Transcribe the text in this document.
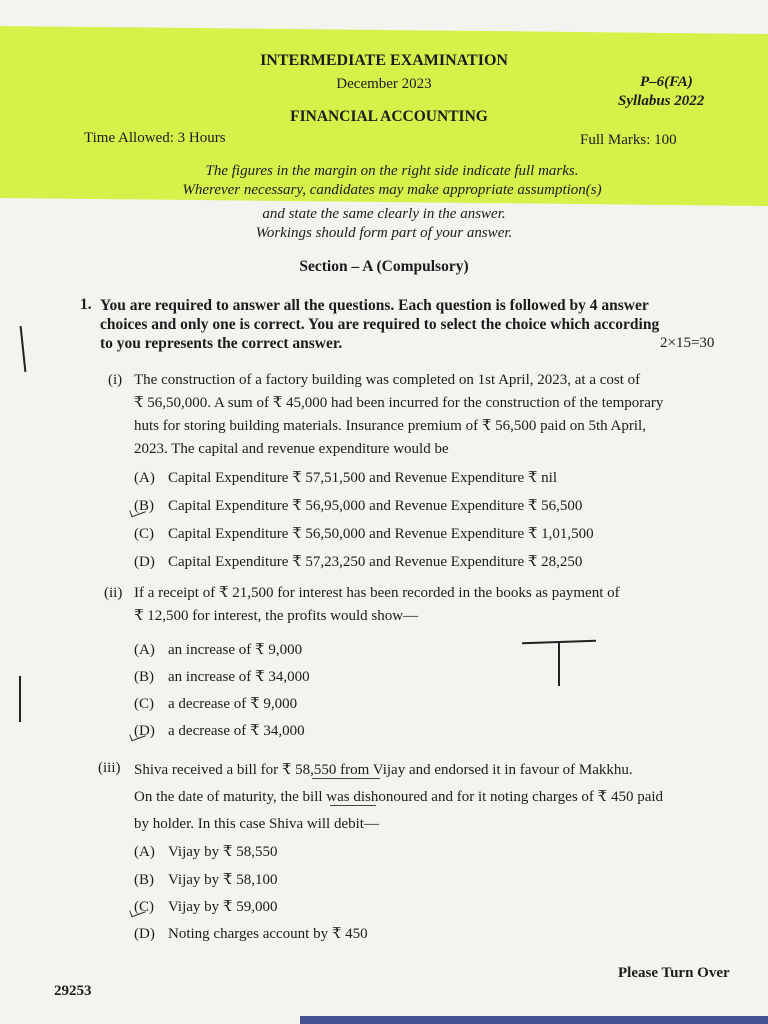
INTERMEDIATE EXAMINATION
December 2023	P–6(FA)
Syllabus 2022
FINANCIAL ACCOUNTING
Time Allowed: 3 Hours	Full Marks: 100
The figures in the margin on the right side indicate full marks.
Wherever necessary, candidates may make appropriate assumption(s)
and state the same clearly in the answer.
Workings should form part of your answer.
Section – A (Compulsory)
1. You are required to answer all the questions. Each question is followed by 4 answer
choices and only one is correct. You are required to select the choice which according
to you represents the correct answer.	2×15=30
(i) The construction of a factory building was completed on 1st April, 2023, at a cost of
₹ 56,50,000. A sum of ₹ 45,000 had been incurred for the construction of the temporary
huts for storing building materials. Insurance premium of ₹ 56,500 paid on 5th April,
2023. The capital and revenue expenditure would be
(A) Capital Expenditure ₹ 57,51,500 and Revenue Expenditure ₹ nil
(B) Capital Expenditure ₹ 56,95,000 and Revenue Expenditure ₹ 56,500
(C) Capital Expenditure ₹ 56,50,000 and Revenue Expenditure ₹ 1,01,500
(D) Capital Expenditure ₹ 57,23,250 and Revenue Expenditure ₹ 28,250
(ii) If a receipt of ₹ 21,500 for interest has been recorded in the books as payment of
₹ 12,500 for interest, the profits would show—
(A) an increase of ₹ 9,000
(B) an increase of ₹ 34,000
(C) a decrease of ₹ 9,000
(D) a decrease of ₹ 34,000
(iii) Shiva received a bill for ₹ 58,550 from Vijay and endorsed it in favour of Makkhu.
On the date of maturity, the bill was dishonoured and for it noting charges of ₹ 450 paid
by holder. In this case Shiva will debit—
(A) Vijay by ₹ 58,550
(B) Vijay by ₹ 58,100
(C) Vijay by ₹ 59,000
(D) Noting charges account by ₹ 450
29253
Please Turn Over
